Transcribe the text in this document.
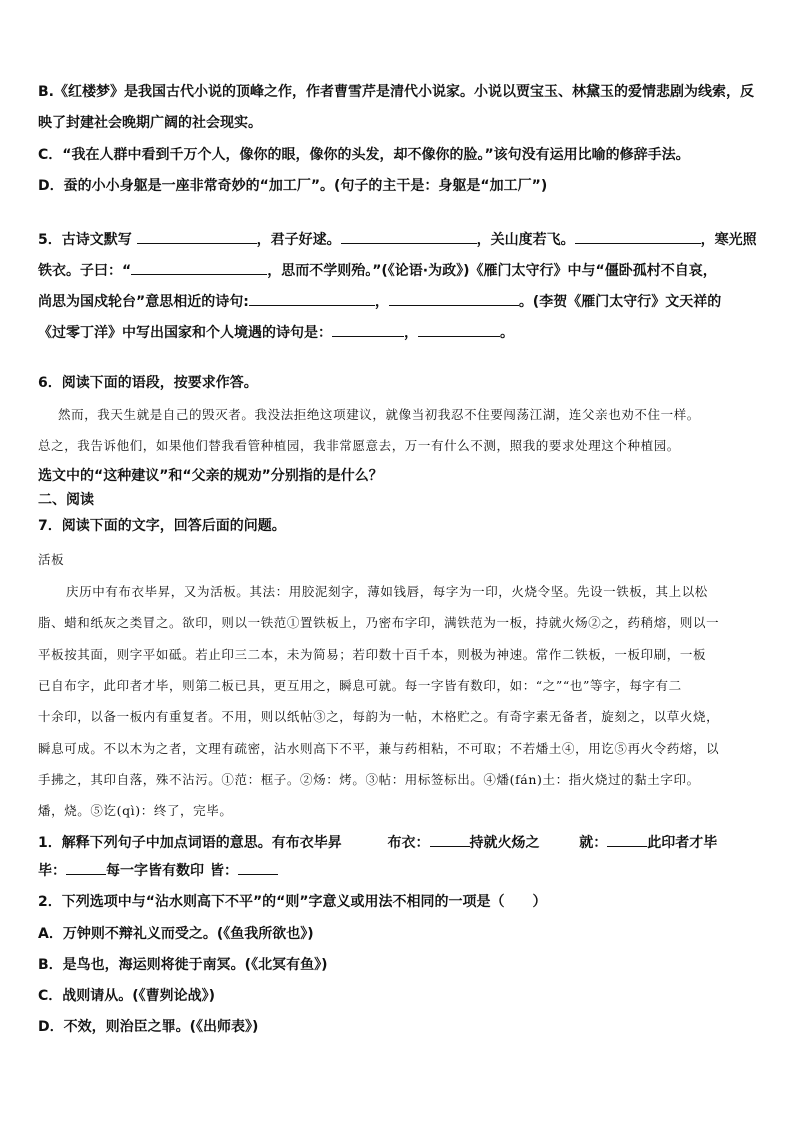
B.《红楼梦》是我国古代小说的顶峰之作，作者曹雪芹是清代小说家。小说以贾宝玉、林黛玉的爱情悲剧为线索，反
映了封建社会晚期广阔的社会现实。
C．“我在人群中看到千万个人，像你的眼，像你的头发，却不像你的脸。”该句没有运用比喻的修辞手法。
D．蚕的小小身躯是一座非常奇妙的“加工厂”。(句子的主干是：身躯是“加工厂”)
5．古诗文默写	，君子好逑。	，关山度若飞。	，寒光照
铁衣。子曰：“	，思而不学则殆。”(《论语·为政》)《雁门太守行》中与“僵卧孤村不自哀，
尚思为国戍轮台”意思相近的诗句:	，	。(李贺《雁门太守行》文天祥的
《过零丁洋》中写出国家和个人境遇的诗句是：	，	。
6．阅读下面的语段，按要求作答。
然而，我天生就是自己的毁灭者。我没法拒绝这项建议，就像当初我忍不住要闯荡江湖，连父亲也劝不住一样。
总之，我告诉他们，如果他们替我看管种植园，我非常愿意去，万一有什么不测，照我的要求处理这个种植园。
选文中的“这种建议”和“父亲的规劝”分别指的是什么？
二、阅读
7．阅读下面的文字，回答后面的问题。
活板
庆历中有布衣毕昇，又为活板。其法：用胶泥刻字，薄如钱唇，每字为一印，火烧令坚。先设一铁板，其上以松
脂、蜡和纸灰之类冒之。欲印，则以一铁范①置铁板上，乃密布字印，满铁范为一板，持就火炀②之，药稍熔，则以一
平板按其面，则字平如砥。若止印三二本，未为简易；若印数十百千本，则极为神速。常作二铁板，一板印刷，一板
已自布字，此印者才毕，则第二板已具，更互用之，瞬息可就。每一字皆有数印，如：“之”“也”等字，每字有二
十余印，以备一板内有重复者。不用，则以纸帖③之，每韵为一帖，木格贮之。有奇字素无备者，旋刻之，以草火烧，
瞬息可成。不以木为之者，文理有疏密，沾水则高下不平，兼与药相粘，不可取；不若燔土④，用讫⑤再火令药熔，以
手拂之，其印自落，殊不沾污。①范：框子。②炀：烤。③帖：用标签标出。④燔(fán)土：指火烧过的黏土字印。
燔，烧。⑤讫(qì)：终了，完毕。
1．解释下列句子中加点词语的意思。有布衣毕昇	布衣：	持就火炀之	就：	此印者才毕
毕：	每一字皆有数印 皆：
2．下列选项中与“沾水则高下不平”的“则”字意义或用法不相同的一项是（　　）
A．万钟则不辩礼义而受之。(《鱼我所欲也》)
B．是鸟也，海运则将徙于南冥。(《北冥有鱼》)
C．战则请从。(《曹刿论战》)
D．不效，则治臣之罪。(《出师表》)
